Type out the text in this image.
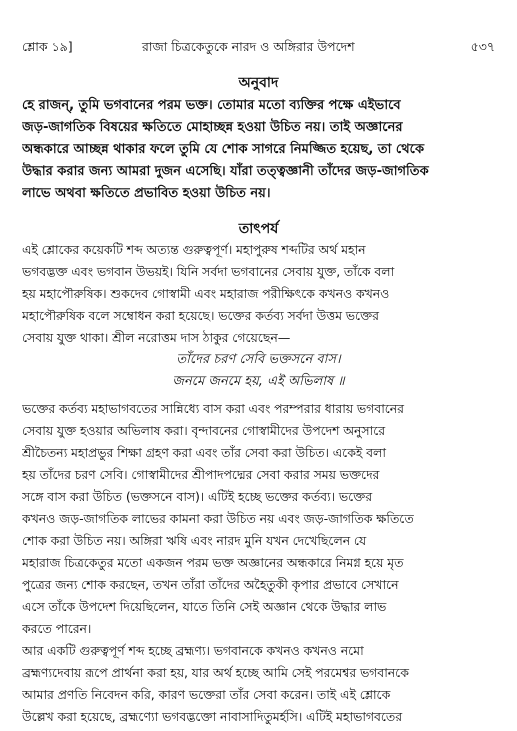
শ্লোক ১৯]	রাজা চিত্রকেতুকে নারদ ও অঙ্গিরার উপদেশ	৫৩৭
অনুবাদ
হে রাজন্‌, তুমি ভগবানের পরম ভক্ত। তোমার মতো ব্যক্তির পক্ষে এইভাবে
জড়-জাগতিক বিষয়ের ক্ষতিতে মোহাচ্ছন্ন হওয়া উচিত নয়। তাই অজ্ঞানের
অন্ধকারে আচ্ছন্ন থাকার ফলে তুমি যে শোক সাগরে নিমজ্জিত হয়েছ, তা থেকে
উদ্ধার করার জন্য আমরা দুজন এসেছি। যাঁরা তত্ত্বজ্ঞানী তাঁদের জড়-জাগতিক
লাভে অথবা ক্ষতিতে প্রভাবিত হওয়া উচিত নয়।
তাৎপর্য
এই শ্লোকের কয়েকটি শব্দ অত্যন্ত গুরুত্বপূর্ণ। মহাপুরুষ শব্দটির অর্থ মহান
ভগবদ্ভক্ত এবং ভগবান উভয়ই। যিনি সর্বদা ভগবানের সেবায় যুক্ত, তাঁকে বলা
হয় মহাপৌরুষিক। শুকদেব গোস্বামী এবং মহারাজ পরীক্ষিৎকে কখনও কখনও
মহাপৌরুষিক বলে সম্বোধন করা হয়েছে। ভক্তের কর্তব্য সর্বদা উত্তম ভক্তের
সেবায় যুক্ত থাকা। শ্রীল নরোত্তম দাস ঠাকুর গেয়েছেন—
তাঁদের চরণ সেবি ভক্তসনে বাস।
জনমে জনমে হয়, এই অভিলাষ ॥
ভক্তের কর্তব্য মহাভাগবতের সান্নিধ্যে বাস করা এবং পরম্পরার ধারায় ভগবানের
সেবায় যুক্ত হওয়ার অভিলাষ করা। বৃন্দাবনের গোস্বামীদের উপদেশ অনুসারে
শ্রীচৈতন্য মহাপ্রভুর শিক্ষা গ্রহণ করা এবং তাঁর সেবা করা উচিত। একেই বলা
হয় তাঁদের চরণ সেবি। গোস্বামীদের শ্রীপাদপদ্মের সেবা করার সময় ভক্তদের
সঙ্গে বাস করা উচিত (ভক্তসনে বাস)। এটিই হচ্ছে ভক্তের কর্তব্য। ভক্তের
কখনও জড়-জাগতিক লাভের কামনা করা উচিত নয় এবং জড়-জাগতিক ক্ষতিতে
শোক করা উচিত নয়। অঙ্গিরা ঋষি এবং নারদ মুনি যখন দেখেছিলেন যে
মহারাজ চিত্রকেতুর মতো একজন পরম ভক্ত অজ্ঞানের অন্ধকারে নিমগ্ন হয়ে মৃত
পুত্রের জন্য শোক করছেন, তখন তাঁরা তাঁদের অহৈতুকী কৃপার প্রভাবে সেখানে
এসে তাঁকে উপদেশ দিয়েছিলেন, যাতে তিনি সেই অজ্ঞান থেকে উদ্ধার লাভ
করতে পারেন।
আর একটি গুরুত্বপূর্ণ শব্দ হচ্ছে ব্রহ্মণ্য। ভগবানকে কখনও কখনও নমো
ব্রহ্মণ্যদেবায় রূপে প্রার্থনা করা হয়, যার অর্থ হচ্ছে আমি সেই পরমেশ্বর ভগবানকে
আমার প্রণতি নিবেদন করি, কারণ ভক্তেরা তাঁর সেবা করেন। তাই এই শ্লোকে
উল্লেখ করা হয়েছে, ব্রহ্মণ্যো ভগবদ্ভক্তো নাবাসাদিতুমর্হসি। এটিই মহাভাগবতের
